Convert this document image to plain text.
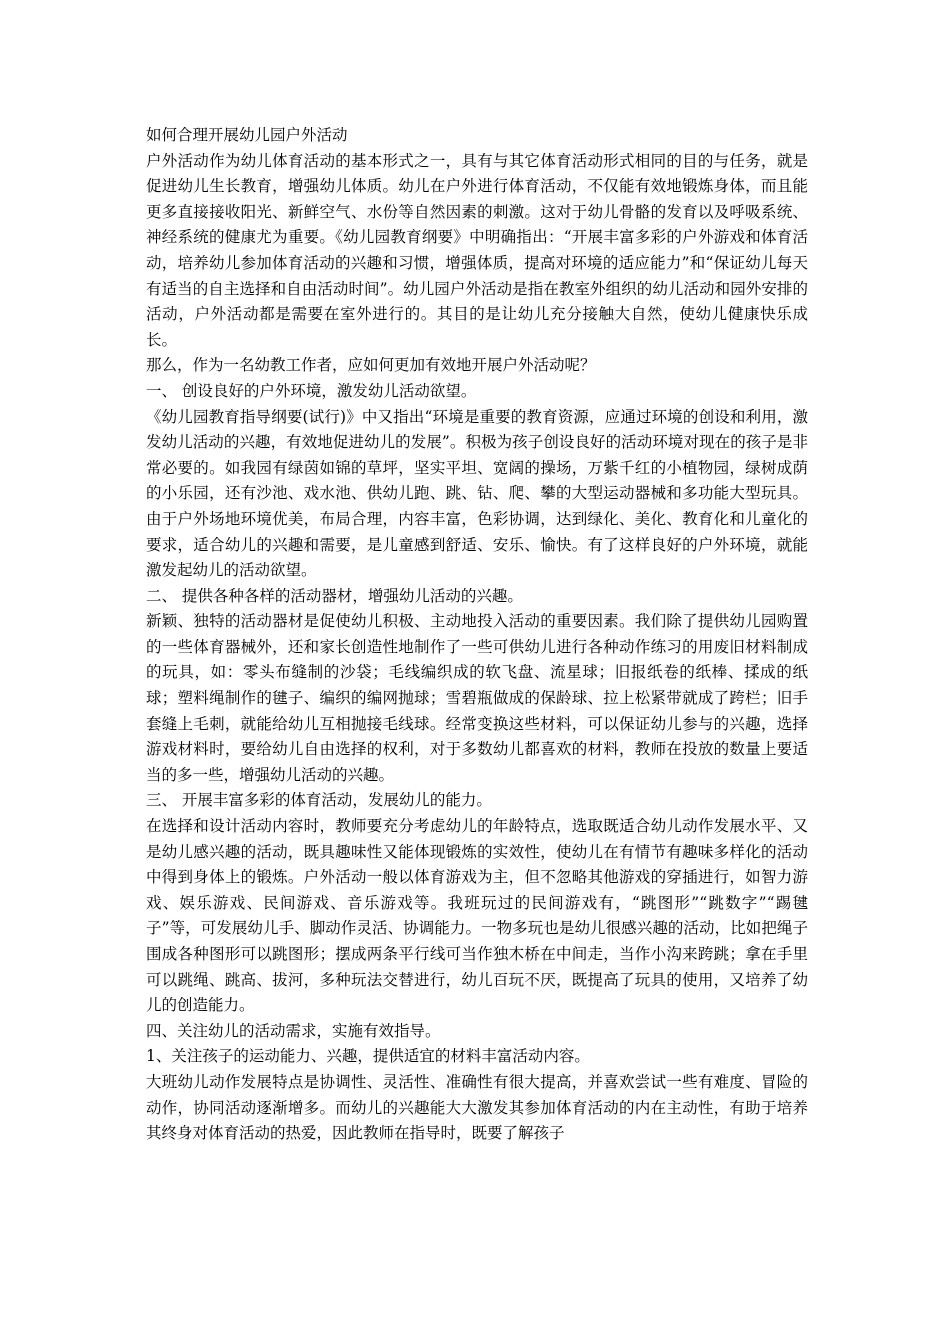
如何合理开展幼儿园户外活动

户外活动作为幼儿体育活动的基本形式之一，具有与其它体育活动形式相同的目的与任务，就是促进幼儿生长教育，增强幼儿体质。幼儿在户外进行体育活动，不仅能有效地锻炼身体，而且能更多直接接收阳光、新鲜空气、水份等自然因素的刺激。这对于幼儿骨骼的发育以及呼吸系统、神经系统的健康尤为重要。《幼儿园教育纲要》中明确指出：“开展丰富多彩的户外游戏和体育活动，培养幼儿参加体育活动的兴趣和习惯，增强体质，提高对环境的适应能力”和“保证幼儿每天有适当的自主选择和自由活动时间”。幼儿园户外活动是指在教室外组织的幼儿活动和园外安排的活动，户外活动都是需要在室外进行的。其目的是让幼儿充分接触大自然，使幼儿健康快乐成长。

那么，作为一名幼教工作者，应如何更加有效地开展户外活动呢？

一、 创设良好的户外环境，激发幼儿活动欲望。

《幼儿园教育指导纲要(试行)》中又指出“环境是重要的教育资源，应通过环境的创设和利用，激发幼儿活动的兴趣，有效地促进幼儿的发展”。积极为孩子创设良好的活动环境对现在的孩子是非常必要的。如我园有绿茵如锦的草坪，坚实平坦、宽阔的操场，万紫千红的小植物园，绿树成荫的小乐园，还有沙池、戏水池、供幼儿跑、跳、钻、爬、攀的大型运动器械和多功能大型玩具。由于户外场地环境优美，布局合理，内容丰富，色彩协调，达到绿化、美化、教育化和儿童化的要求，适合幼儿的兴趣和需要，是儿童感到舒适、安乐、愉快。有了这样良好的户外环境，就能激发起幼儿的活动欲望。

二、 提供各种各样的活动器材，增强幼儿活动的兴趣。

新颖、独特的活动器材是促使幼儿积极、主动地投入活动的重要因素。我们除了提供幼儿园购置的一些体育器械外，还和家长创造性地制作了一些可供幼儿进行各种动作练习的用废旧材料制成的玩具，如：零头布缝制的沙袋；毛线编织成的软飞盘、流星球；旧报纸卷的纸棒、揉成的纸球；塑料绳制作的毽子、编织的编网抛球；雪碧瓶做成的保龄球、拉上松紧带就成了跨栏；旧手套缝上毛刺，就能给幼儿互相抛接毛线球。经常变换这些材料，可以保证幼儿参与的兴趣，选择游戏材料时，要给幼儿自由选择的权利，对于多数幼儿都喜欢的材料，教师在投放的数量上要适当的多一些，增强幼儿活动的兴趣。

三、 开展丰富多彩的体育活动，发展幼儿的能力。

在选择和设计活动内容时，教师要充分考虑幼儿的年龄特点，选取既适合幼儿动作发展水平、又是幼儿感兴趣的活动，既具趣味性又能体现锻炼的实效性，使幼儿在有情节有趣味多样化的活动中得到身体上的锻炼。户外活动一般以体育游戏为主，但不忽略其他游戏的穿插进行，如智力游戏、娱乐游戏、民间游戏、音乐游戏等。我班玩过的民间游戏有，“跳图形”“跳数字”“踢毽子”等，可发展幼儿手、脚动作灵活、协调能力。一物多玩也是幼儿很感兴趣的活动，比如把绳子围成各种图形可以跳图形；摆成两条平行线可当作独木桥在中间走，当作小沟来跨跳；拿在手里可以跳绳、跳高、拔河，多种玩法交替进行，幼儿百玩不厌，既提高了玩具的使用，又培养了幼儿的创造能力。

四、关注幼儿的活动需求，实施有效指导。

1、关注孩子的运动能力、兴趣，提供适宜的材料丰富活动内容。

大班幼儿动作发展特点是协调性、灵活性、准确性有很大提高，并喜欢尝试一些有难度、冒险的动作，协同活动逐渐增多。而幼儿的兴趣能大大激发其参加体育活动的内在主动性，有助于培养其终身对体育活动的热爱，因此教师在指导时，既要了解孩子
